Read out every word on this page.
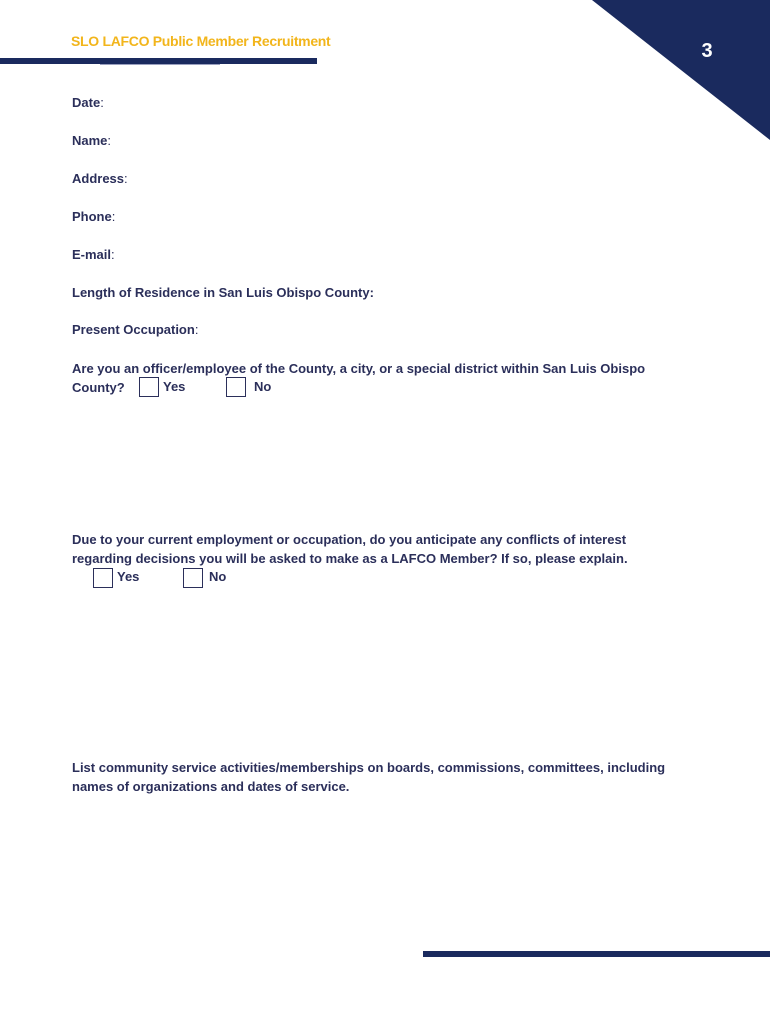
SLO LAFCO Public Member Recruitment	3
Date:
Name:
Address:
Phone:
E-mail:
Length of Residence in San Luis Obispo County:
Present Occupation:
Are you an officer/employee of the County, a city, or a special district within San Luis Obispo
County?	Yes	No
Due to your current employment or occupation, do you anticipate any conflicts of interest
regarding decisions you will be asked to make as a LAFCO Member? If so, please explain.
Yes	No
List community service activities/memberships on boards, commissions, committees, including
names of organizations and dates of service.
